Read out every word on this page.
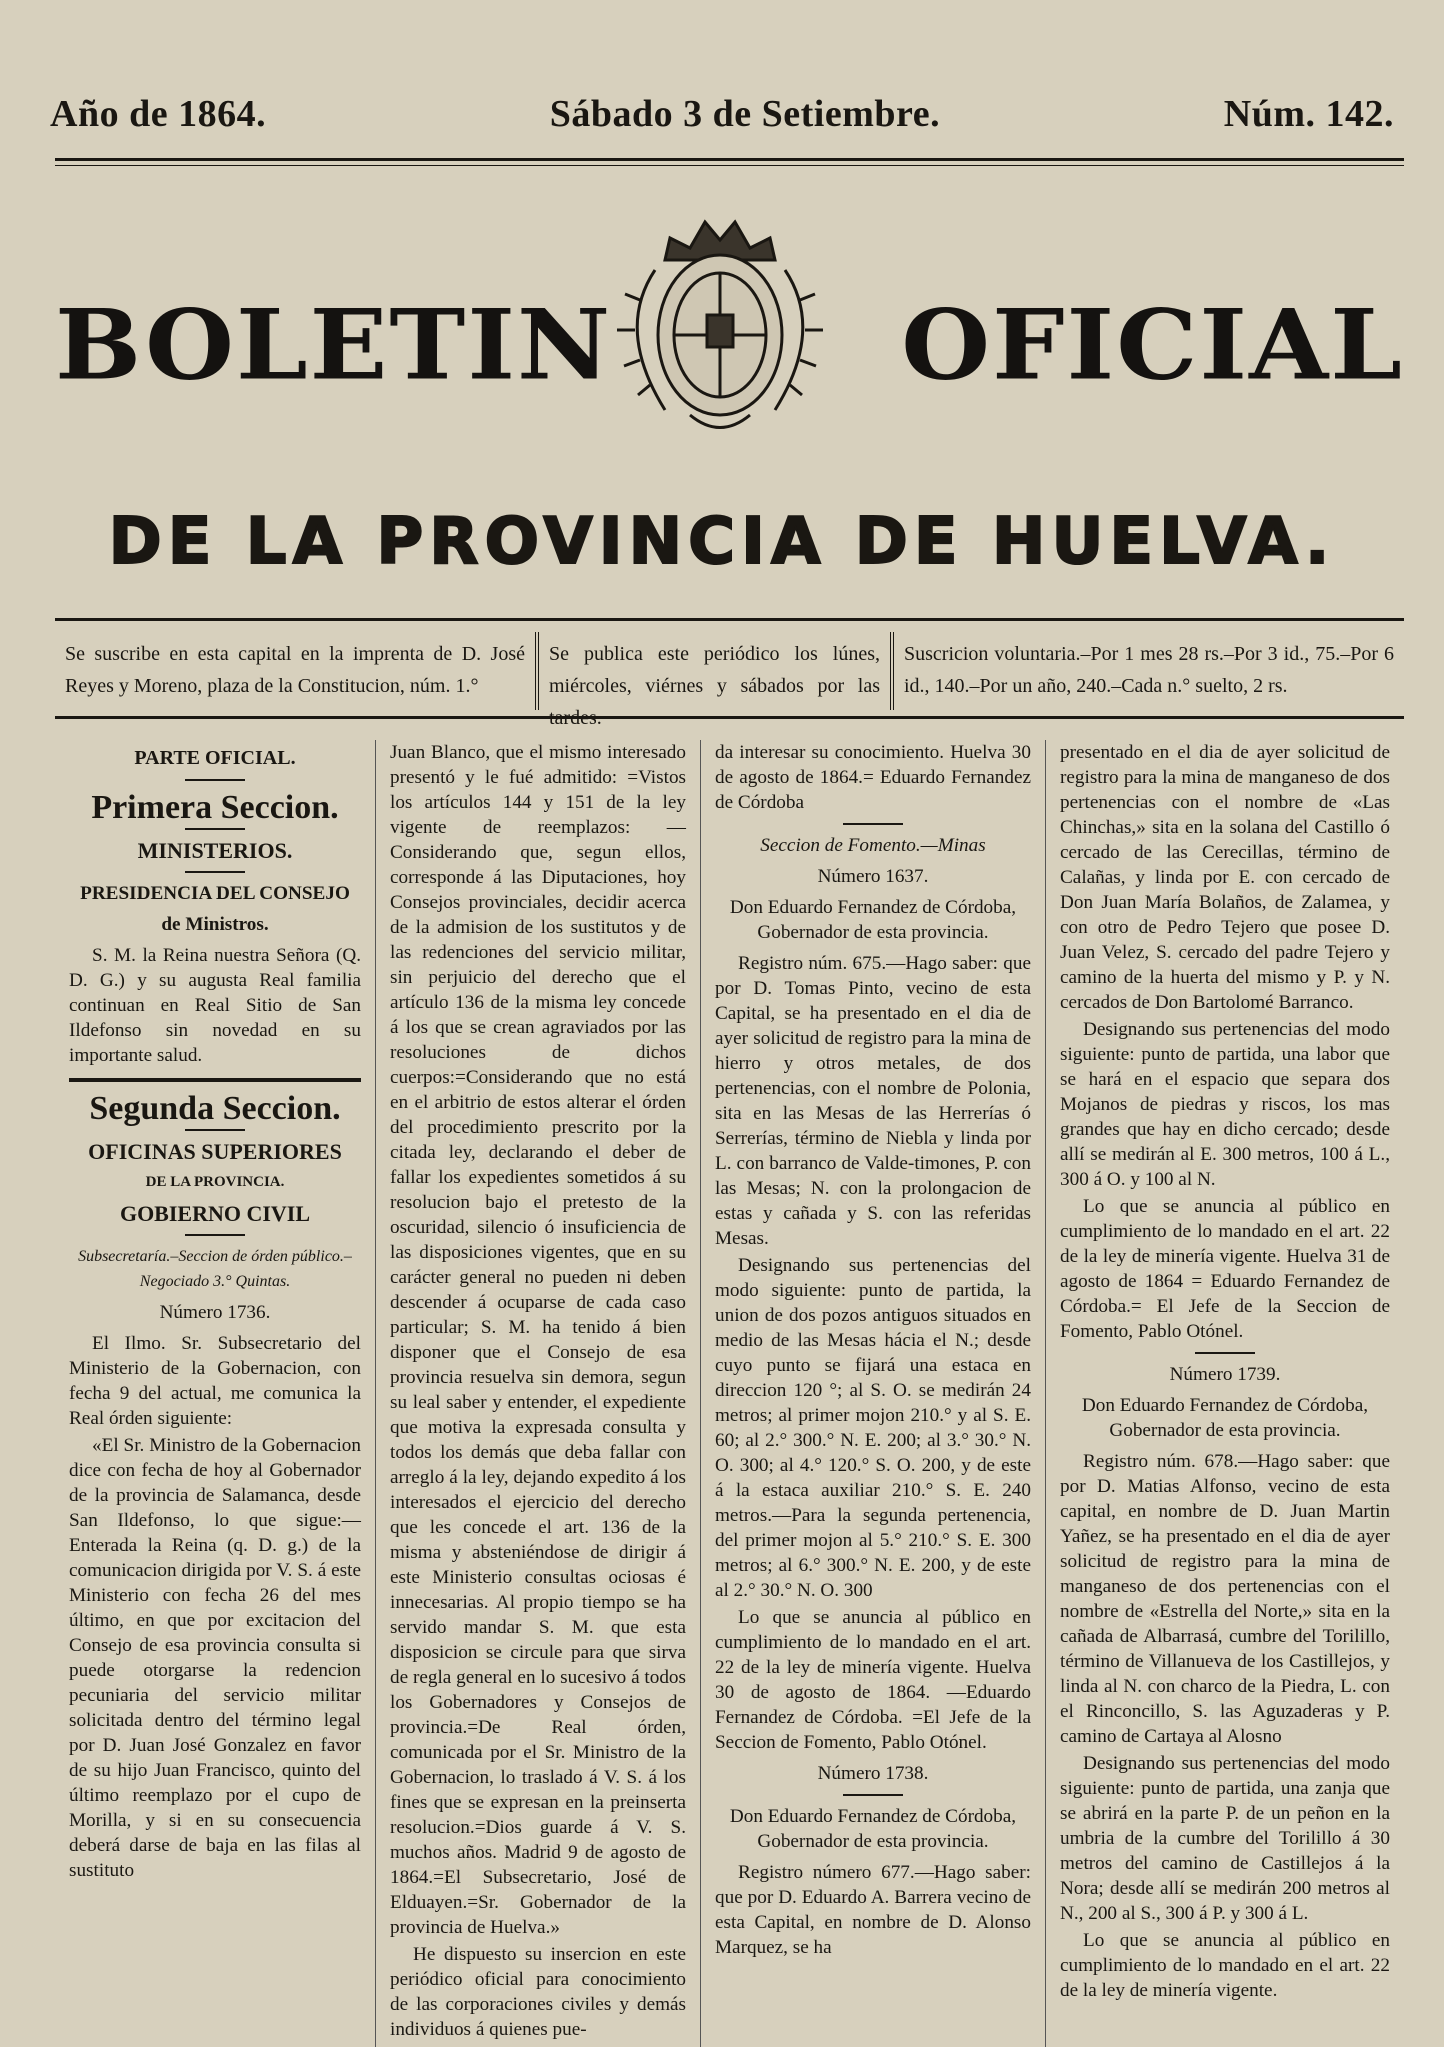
Año de 1864.	Sábado 3 de Setiembre.	Núm. 142.
BOLETIN	OFICIAL
DE LA PROVINCIA DE HUELVA.
Se suscribe en esta capital en la imprenta de D. José Reyes y Moreno, plaza de la Constitucion, núm. 1.°
Se publica este periódico los lúnes, miércoles, viérnes y sábados por las tardes.
Suscricion voluntaria.–Por 1 mes 28 rs.–Por 3 id., 75.–Por 6 id., 140.–Por un año, 240.–Cada n.° suelto, 2 rs.
PARTE OFICIAL.
Primera Seccion.
MINISTERIOS.
PRESIDENCIA DEL CONSEJO
de Ministros.

S. M. la Reina nuestra Señora (Q. D. G.) y su augusta Real familia continuan en Real Sitio de San Ildefonso sin novedad en su importante salud.

Segunda Seccion.
OFICINAS SUPERIORES
DE LA PROVINCIA.
GOBIERNO CIVIL
Subsecretaría.–Seccion de órden público.–Negociado 3.° Quintas.
Número 1736.

El Ilmo. Sr. Subsecretario del Ministerio de la Gobernacion, con fecha 9 del actual, me comunica la Real órden siguiente:

«El Sr. Ministro de la Gobernacion dice con fecha de hoy al Gobernador de la provincia de Salamanca, desde San Ildefonso, lo que sigue:—Enterada la Reina (q. D. g.) de la comunicacion dirigida por V. S. á este Ministerio con fecha 26 del mes último, en que por excitacion del Consejo de esa provincia consulta si puede otorgarse la redencion pecuniaria del servicio militar solicitada dentro del término legal por D. Juan José Gonzalez en favor de su hijo Juan Francisco, quinto del último reemplazo por el cupo de Morilla, y si en su consecuencia deberá darse de baja en las filas al sustituto

Juan Blanco, que el mismo interesado presentó y le fué admitido: =Vistos los artículos 144 y 151 de la ley vigente de reemplazos: —Considerando que, segun ellos, corresponde á las Diputaciones, hoy Consejos provinciales, decidir acerca de la admision de los sustitutos y de las redenciones del servicio militar, sin perjuicio del derecho que el artículo 136 de la misma ley concede á los que se crean agraviados por las resoluciones de dichos cuerpos:=Considerando que no está en el arbitrio de estos alterar el órden del procedimiento prescrito por la citada ley, declarando el deber de fallar los expedientes sometidos á su resolucion bajo el pretesto de la oscuridad, silencio ó insuficiencia de las disposiciones vigentes, que en su carácter general no pueden ni deben descender á ocuparse de cada caso particular; S. M. ha tenido á bien disponer que el Consejo de esa provincia resuelva sin demora, segun su leal saber y entender, el expediente que motiva la expresada consulta y todos los demás que deba fallar con arreglo á la ley, dejando expedito á los interesados el ejercicio del derecho que les concede el art. 136 de la misma y absteniéndose de dirigir á este Ministerio consultas ociosas é innecesarias. Al propio tiempo se ha servido mandar S. M. que esta disposicion se circule para que sirva de regla general en lo sucesivo á todos los Gobernadores y Consejos de provincia.=De Real órden, comunicada por el Sr. Ministro de la Gobernacion, lo traslado á V. S. á los fines que se expresan en la preinserta resolucion.=Dios guarde á V. S. muchos años. Madrid 9 de agosto de 1864.=El Subsecretario, José de Elduayen.=Sr. Gobernador de la provincia de Huelva.»

He dispuesto su insercion en este periódico oficial para conocimiento de las corporaciones civiles y demás individuos á quienes pue-

da interesar su conocimiento. Huelva 30 de agosto de 1864.= Eduardo Fernandez de Córdoba

Seccion de Fomento.—Minas
Número 1637.
Don Eduardo Fernandez de Córdoba, Gobernador de esta provincia.

Registro núm. 675.—Hago saber: que por D. Tomas Pinto, vecino de esta Capital, se ha presentado en el dia de ayer solicitud de registro para la mina de hierro y otros metales, de dos pertenencias, con el nombre de Polonia, sita en las Mesas de las Herrerías ó Serrerías, término de Niebla y linda por L. con barranco de Valde-timones, P. con las Mesas; N. con la prolongacion de estas y cañada y S. con las referidas Mesas.

Designando sus pertenencias del modo siguiente: punto de partida, la union de dos pozos antiguos situados en medio de las Mesas hácia el N.; desde cuyo punto se fijará una estaca en direccion 120 °; al S. O. se medirán 24 metros; al primer mojon 210.° y al S. E. 60; al 2.° 300.° N. E. 200; al 3.° 30.° N. O. 300; al 4.° 120.° S. O. 200, y de este á la estaca auxiliar 210.° S. E. 240 metros.—Para la segunda pertenencia, del primer mojon al 5.° 210.° S. E. 300 metros; al 6.° 300.° N. E. 200, y de este al 2.° 30.° N. O. 300

Lo que se anuncia al público en cumplimiento de lo mandado en el art. 22 de la ley de minería vigente. Huelva 30 de agosto de 1864. —Eduardo Fernandez de Córdoba. =El Jefe de la Seccion de Fomento, Pablo Otónel.

Número 1738.
Don Eduardo Fernandez de Córdoba, Gobernador de esta provincia.

Registro número 677.—Hago saber: que por D. Eduardo A. Barrera vecino de esta Capital, en nombre de D. Alonso Marquez, se ha

presentado en el dia de ayer solicitud de registro para la mina de manganeso de dos pertenencias con el nombre de «Las Chinchas,» sita en la solana del Castillo ó cercado de las Cerecillas, término de Calañas, y linda por E. con cercado de Don Juan María Bolaños, de Zalamea, y con otro de Pedro Tejero que posee D. Juan Velez, S. cercado del padre Tejero y camino de la huerta del mismo y P. y N. cercados de Don Bartolomé Barranco.

Designando sus pertenencias del modo siguiente: punto de partida, una labor que se hará en el espacio que separa dos Mojanos de piedras y riscos, los mas grandes que hay en dicho cercado; desde allí se medirán al E. 300 metros, 100 á L., 300 á O. y 100 al N.

Lo que se anuncia al público en cumplimiento de lo mandado en el art. 22 de la ley de minería vigente. Huelva 31 de agosto de 1864 = Eduardo Fernandez de Córdoba.= El Jefe de la Seccion de Fomento, Pablo Otónel.

Número 1739.
Don Eduardo Fernandez de Córdoba, Gobernador de esta provincia.

Registro núm. 678.—Hago saber: que por D. Matias Alfonso, vecino de esta capital, en nombre de D. Juan Martin Yañez, se ha presentado en el dia de ayer solicitud de registro para la mina de manganeso de dos pertenencias con el nombre de «Estrella del Norte,» sita en la cañada de Albarrasá, cumbre del Torilillo, término de Villanueva de los Castillejos, y linda al N. con charco de la Piedra, L. con el Rinconcillo, S. las Aguzaderas y P. camino de Cartaya al Alosno

Designando sus pertenencias del modo siguiente: punto de partida, una zanja que se abrirá en la parte P. de un peñon en la umbria de la cumbre del Torilillo á 30 metros del camino de Castillejos á la Nora; desde allí se medirán 200 metros al N., 200 al S., 300 á P. y 300 á L.

Lo que se anuncia al público en cumplimiento de lo mandado en el art. 22 de la ley de minería vigente.
